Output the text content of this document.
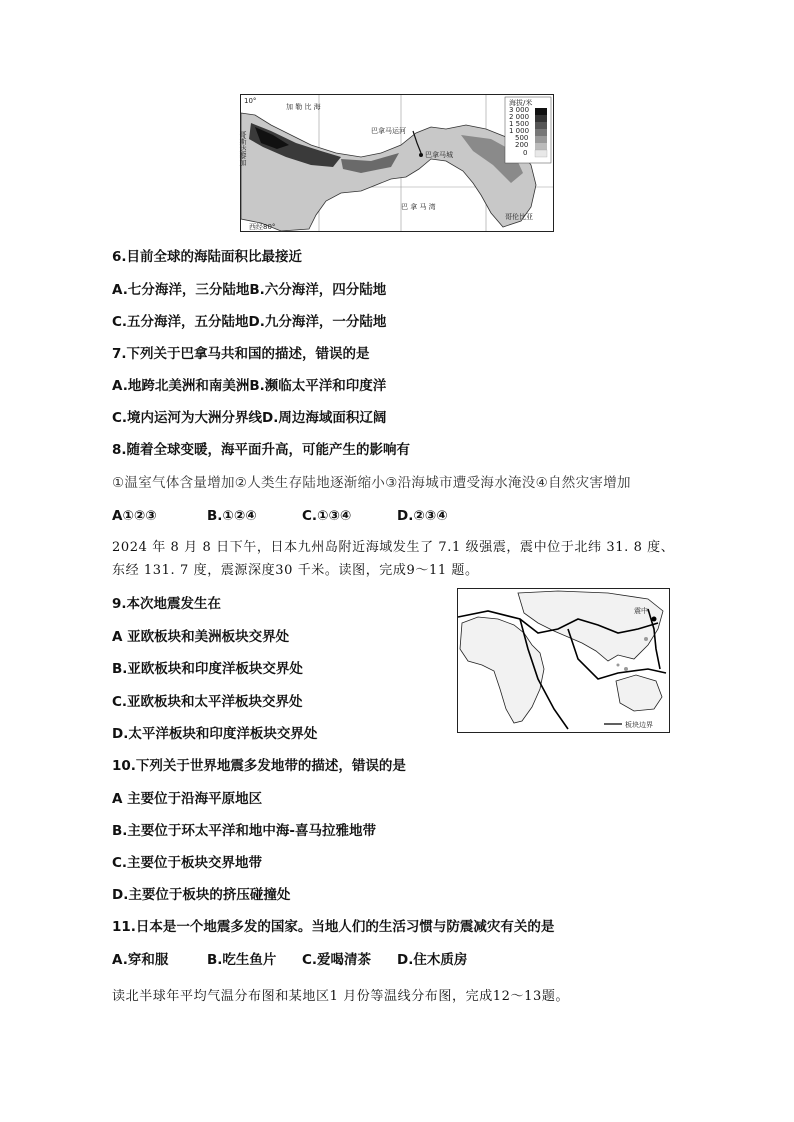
10°
加 勒 比 海
巴拿马运河
巴拿马城
巴 拿 马 湾
哥伦比亚
西经80°
哥斯达黎加
海拔/米
3 000
2 000
1 500
1 000
500
200
0
6.目前全球的海陆面积比最接近
A.七分海洋，三分陆地B.六分海洋，四分陆地
C.五分海洋，五分陆地D.九分海洋，一分陆地
7.下列关于巴拿马共和国的描述，错误的是
A.地跨北美洲和南美洲B.濒临太平洋和印度洋
C.境内运河为大洲分界线D.周边海域面积辽阔
8.随着全球变暖，海平面升高，可能产生的影响有
①温室气体含量增加②人类生存陆地逐渐缩小③沿海城市遭受海水淹没④自然灾害增加
A①②③	B.①②④	C.①③④	D.②③④
2024 年 8 月 8 日下午，日本九州岛附近海域发生了 7.1 级强震，震中位于北纬 31. 8 度、
东经 131. 7 度，震源深度30 千米。读图，完成9～11 题。
震中
板块边界
9.本次地震发生在
A 亚欧板块和美洲板块交界处
B.亚欧板块和印度洋板块交界处
C.亚欧板块和太平洋板块交界处
D.太平洋板块和印度洋板块交界处
10.下列关于世界地震多发地带的描述，错误的是
A 主要位于沿海平原地区
B.主要位于环太平洋和地中海-喜马拉雅地带
C.主要位于板块交界地带
D.主要位于板块的挤压碰撞处
11.日本是一个地震多发的国家。当地人们的生活习惯与防震减灾有关的是
A.穿和服	B.吃生鱼片 C.爱喝清茶 D.住木质房
读北半球年平均气温分布图和某地区1 月份等温线分布图，完成12～13题。
